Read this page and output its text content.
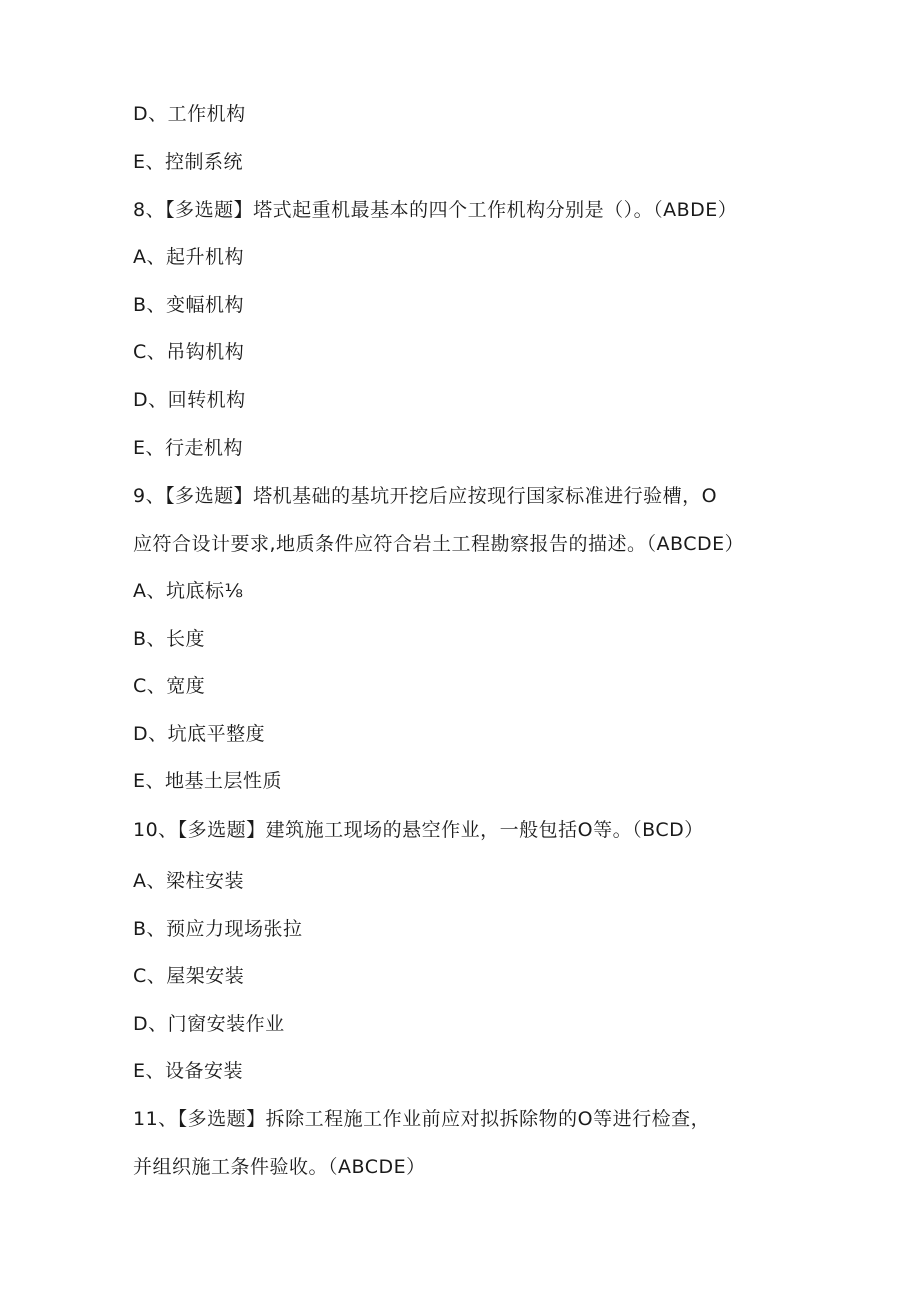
D、工作机构
E、控制系统
8、【多选题】塔式起重机最基本的四个工作机构分别是（）。（ABDE）
A、起升机构
B、变幅机构
C、吊钩机构
D、回转机构
E、行走机构
9、【多选题】塔机基础的基坑开挖后应按现行国家标准进行验槽，O
应符合设计要求,地质条件应符合岩土工程勘察报告的描述。（ABCDE）
A、坑底标⅛
B、长度
C、宽度
D、坑底平整度
E、地基土层性质
10、【多选题】建筑施工现场的悬空作业，一般包括O等。（BCD）
A、梁柱安装
B、预应力现场张拉
C、屋架安装
D、门窗安装作业
E、设备安装
11、【多选题】拆除工程施工作业前应对拟拆除物的O等进行检查，
并组织施工条件验收。（ABCDE）
